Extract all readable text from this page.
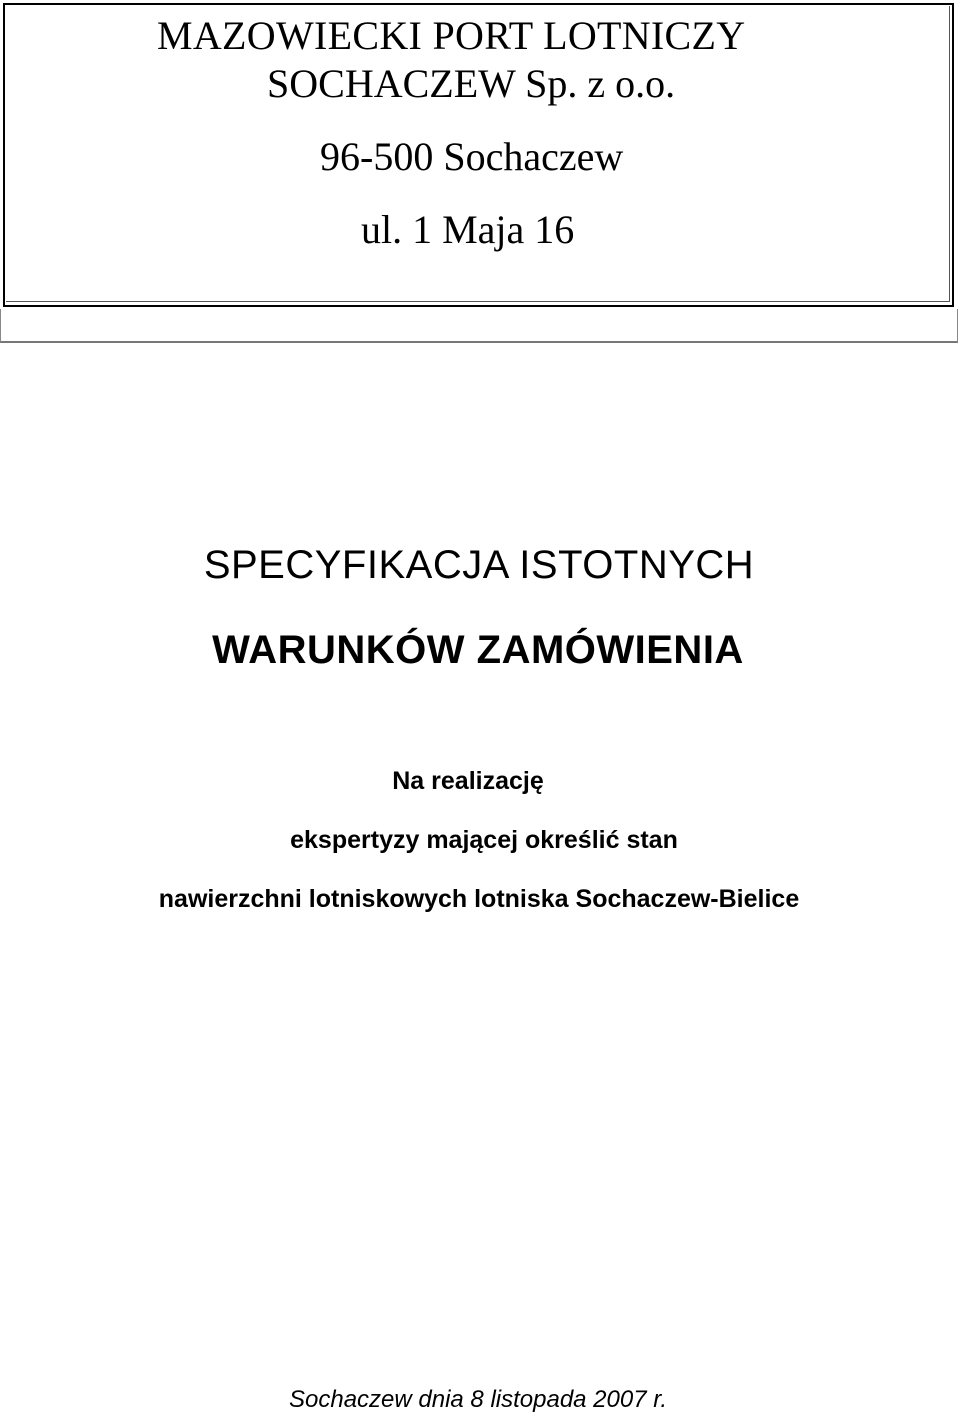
MAZOWIECKI PORT LOTNICZY
SOCHACZEW Sp. z o.o.
96-500 Sochaczew
ul. 1 Maja 16
SPECYFIKACJA ISTOTNYCH
WARUNKÓW ZAMÓWIENIA
Na realizację
ekspertyzy mającej określić stan
nawierzchni lotniskowych lotniska Sochaczew-Bielice
Sochaczew dnia 8 listopada 2007 r.
